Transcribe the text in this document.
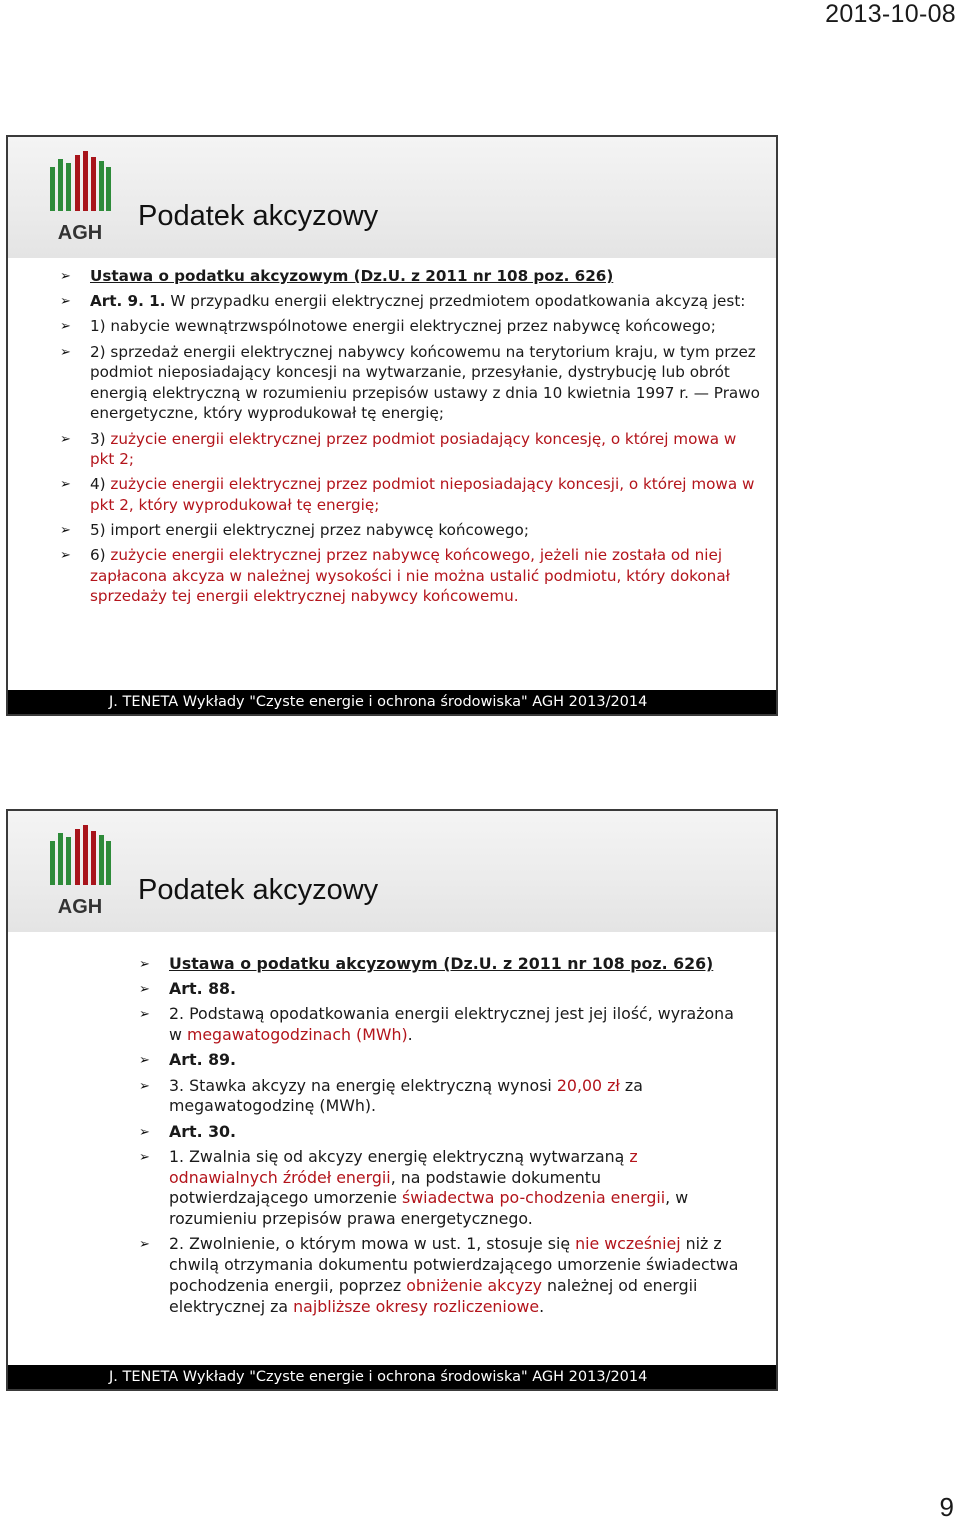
2013-10-08
AGH
Podatek akcyzowy
➢ Ustawa o podatku akcyzowym (Dz.U. z 2011 nr 108 poz. 626)
➢ Art. 9. 1. W przypadku energii elektrycznej przedmiotem opodatkowania akcyzą jest:
➢ 1) nabycie wewnątrzwspólnotowe energii elektrycznej przez nabywcę końcowego;
➢ 2) sprzedaż energii elektrycznej nabywcy końcowemu na terytorium kraju, w tym przez podmiot nieposiadający koncesji na wytwarzanie, przesyłanie, dystrybucję lub obrót energią elektryczną w rozumieniu przepisów ustawy z dnia 10 kwietnia 1997 r. — Prawo energetyczne, który wyprodukował tę energię;
➢ 3) zużycie energii elektrycznej przez podmiot posiadający koncesję, o której mowa w pkt 2;
➢ 4) zużycie energii elektrycznej przez podmiot nieposiadający koncesji, o której mowa w pkt 2, który wyprodukował tę energię;
➢ 5) import energii elektrycznej przez nabywcę końcowego;
➢ 6) zużycie energii elektrycznej przez nabywcę końcowego, jeżeli nie została od niej zapłacona akcyza w należnej wysokości i nie można ustalić podmiotu, który dokonał sprzedaży tej energii elektrycznej nabywcy końcowemu.
J. TENETA Wykłady "Czyste energie i ochrona środowiska" AGH 2013/2014
AGH
Podatek akcyzowy
➢ Ustawa o podatku akcyzowym (Dz.U. z 2011 nr 108 poz. 626)
➢ Art. 88.
➢ 2. Podstawą opodatkowania energii elektrycznej jest jej ilość, wyrażona w megawatogodzinach (MWh).
➢ Art. 89.
➢ 3. Stawka akcyzy na energię elektryczną wynosi 20,00 zł za megawatogodzinę (MWh).
➢ Art. 30.
➢ 1. Zwalnia się od akcyzy energię elektryczną wytwarzaną z odnawialnych źródeł energii, na podstawie dokumentu potwierdzającego umorzenie świadectwa po-chodzenia energii, w rozumieniu przepisów prawa energetycznego.
➢ 2. Zwolnienie, o którym mowa w ust. 1, stosuje się nie wcześniej niż z chwilą otrzymania dokumentu potwierdzającego umorzenie świadectwa pochodzenia energii, poprzez obniżenie akcyzy należnej od energii elektrycznej za najbliższe okresy rozliczeniowe.
J. TENETA Wykłady "Czyste energie i ochrona środowiska" AGH 2013/2014
9
